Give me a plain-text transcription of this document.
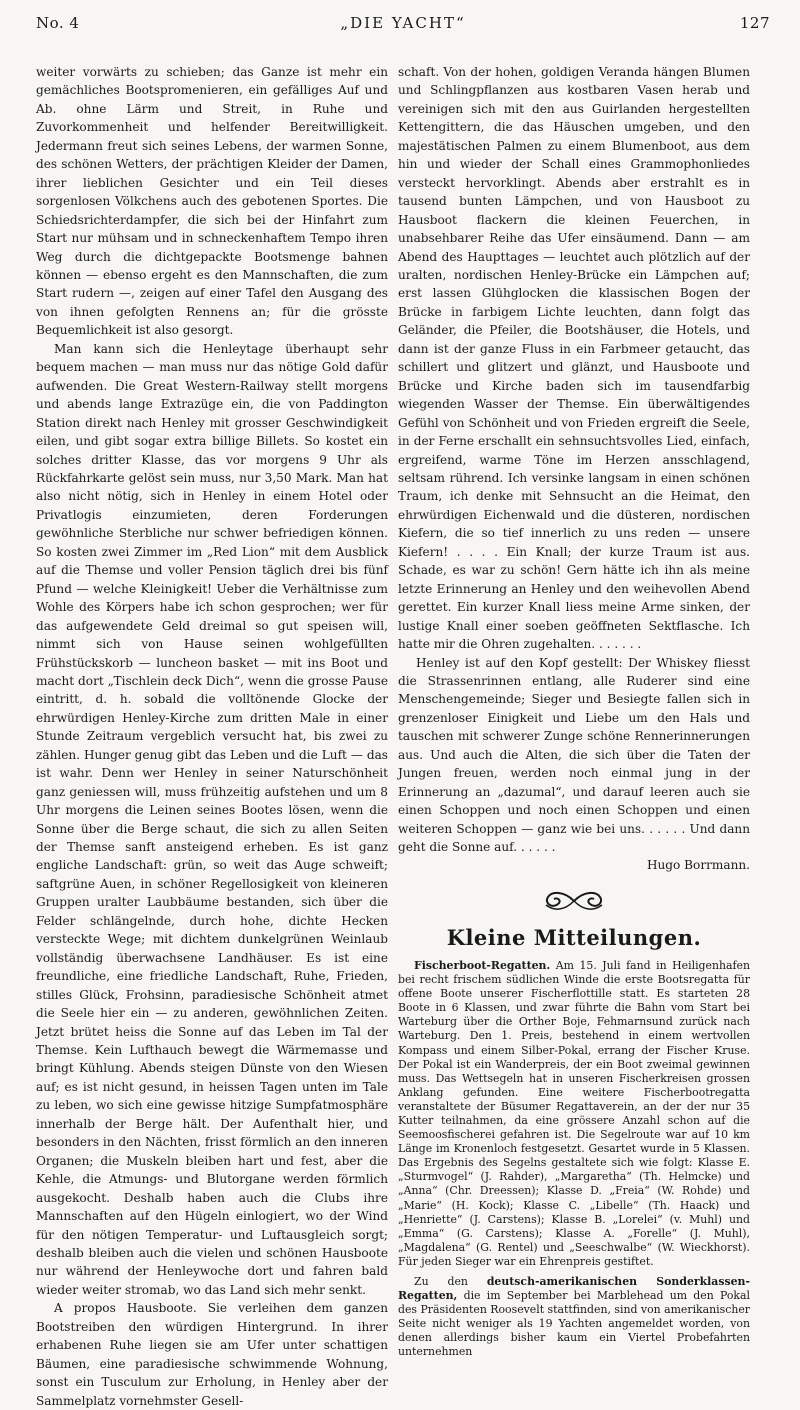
No. 4	„DIE YACHT“	127

weiter vorwärts zu schieben; das Ganze ist mehr ein gemächliches Bootspromenieren, ein gefälliges Auf und Ab. ohne Lärm und Streit, in Ruhe und Zuvorkommenheit und helfender Bereitwilligkeit. Jedermann freut sich seines Lebens, der warmen Sonne, des schönen Wetters, der prächtigen Kleider der Damen, ihrer lieblichen Gesichter und ein Teil dieses sorgenlosen Völkchens auch des gebotenen Sportes. Die Schiedsrichterdampfer, die sich bei der Hinfahrt zum Start nur mühsam und in schneckenhaftem Tempo ihren Weg durch die dichtgepackte Bootsmenge bahnen können — ebenso ergeht es den Mannschaften, die zum Start rudern —, zeigen auf einer Tafel den Ausgang des von ihnen gefolgten Rennens an; für die grösste Bequemlichkeit ist also gesorgt.

Man kann sich die Henleytage überhaupt sehr bequem machen — man muss nur das nötige Gold dafür aufwenden. Die Great Western-Railway stellt morgens und abends lange Extrazüge ein, die von Paddington Station direkt nach Henley mit grosser Geschwindigkeit eilen, und gibt sogar extra billige Billets. So kostet ein solches dritter Klasse, das vor morgens 9 Uhr als Rückfahrkarte gelöst sein muss, nur 3,50 Mark. Man hat also nicht nötig, sich in Henley in einem Hotel oder Privatlogis einzumieten, deren Forderungen gewöhnliche Sterbliche nur schwer befriedigen können. So kosten zwei Zimmer im „Red Lion“ mit dem Ausblick auf die Themse und voller Pension täglich drei bis fünf Pfund — welche Kleinigkeit! Ueber die Verhältnisse zum Wohle des Körpers habe ich schon gesprochen; wer für das aufgewendete Geld dreimal so gut speisen will, nimmt sich von Hause seinen wohlgefüllten Frühstückskorb — luncheon basket — mit ins Boot und macht dort „Tischlein deck Dich“, wenn die grosse Pause eintritt, d. h. sobald die volltönende Glocke der ehrwürdigen Henley-Kirche zum dritten Male in einer Stunde Zeitraum vergeblich versucht hat, bis zwei zu zählen. Hunger genug gibt das Leben und die Luft — das ist wahr. Denn wer Henley in seiner Naturschönheit ganz geniessen will, muss frühzeitig aufstehen und um 8 Uhr morgens die Leinen seines Bootes lösen, wenn die Sonne über die Berge schaut, die sich zu allen Seiten der Themse sanft ansteigend erheben. Es ist ganz engliche Landschaft: grün, so weit das Auge schweift; saftgrüne Auen, in schöner Regellosigkeit von kleineren Gruppen uralter Laubbäume bestanden, sich über die Felder schlängelnde, durch hohe, dichte Hecken versteckte Wege; mit dichtem dunkelgrünen Weinlaub vollständig überwachsene Landhäuser. Es ist eine freundliche, eine friedliche Landschaft, Ruhe, Frieden, stilles Glück, Frohsinn, paradiesische Schönheit atmet die Seele hier ein — zu anderen, gewöhnlichen Zeiten. Jetzt brütet heiss die Sonne auf das Leben im Tal der Themse. Kein Lufthauch bewegt die Wärmemasse und bringt Kühlung. Abends steigen Dünste von den Wiesen auf; es ist nicht gesund, in heissen Tagen unten im Tale zu leben, wo sich eine gewisse hitzige Sumpfatmosphäre innerhalb der Berge hält. Der Aufenthalt hier, und besonders in den Nächten, frisst förmlich an den inneren Organen; die Muskeln bleiben hart und fest, aber die Kehle, die Atmungs- und Blutorgane werden förmlich ausgekocht. Deshalb haben auch die Clubs ihre Mannschaften auf den Hügeln einlogiert, wo der Wind für den nötigen Temperatur- und Luftausgleich sorgt; deshalb bleiben auch die vielen und schönen Hausboote nur während der Henleywoche dort und fahren bald wieder weiter stromab, wo das Land sich mehr senkt.

A propos Hausboote. Sie verleihen dem ganzen Bootstreiben den würdigen Hintergrund. In ihrer erhabenen Ruhe liegen sie am Ufer unter schattigen Bäumen, eine paradiesische schwimmende Wohnung, sonst ein Tusculum zur Erholung, in Henley aber der Sammelplatz vornehmster Gesell-

schaft. Von der hohen, goldigen Veranda hängen Blumen und Schlingpflanzen aus kostbaren Vasen herab und vereinigen sich mit den aus Guirlanden hergestellten Kettengittern, die das Häuschen umgeben, und den majestätischen Palmen zu einem Blumenboot, aus dem hin und wieder der Schall eines Grammophonliedes versteckt hervorklingt. Abends aber erstrahlt es in tausend bunten Lämpchen, und von Hausboot zu Hausboot flackern die kleinen Feuerchen, in unabsehbarer Reihe das Ufer einsäumend. Dann — am Abend des Haupttages — leuchtet auch plötzlich auf der uralten, nordischen Henley-Brücke ein Lämpchen auf; erst lassen Glühglocken die klassischen Bogen der Brücke in farbigem Lichte leuchten, dann folgt das Geländer, die Pfeiler, die Bootshäuser, die Hotels, und dann ist der ganze Fluss in ein Farbmeer getaucht, das schillert und glitzert und glänzt, und Hausboote und Brücke und Kirche baden sich im tausendfarbig wiegenden Wasser der Themse. Ein überwältigendes Gefühl von Schönheit und von Frieden ergreift die Seele, in der Ferne erschallt ein sehnsuchtsvolles Lied, einfach, ergreifend, warme Töne im Herzen ansschlagend, seltsam rührend. Ich versinke langsam in einen schönen Traum, ich denke mit Sehnsucht an die Heimat, den ehrwürdigen Eichenwald und die düsteren, nordischen Kiefern, die so tief innerlich zu uns reden — unsere Kiefern! . . . . Ein Knall; der kurze Traum ist aus. Schade, es war zu schön! Gern hätte ich ihn als meine letzte Erinnerung an Henley und den weihevollen Abend gerettet. Ein kurzer Knall liess meine Arme sinken, der lustige Knall einer soeben geöffneten Sektflasche. Ich hatte mir die Ohren zugehalten. . . . . . .

Henley ist auf den Kopf gestellt: Der Whiskey fliesst die Strassenrinnen entlang, alle Ruderer sind eine Menschengemeinde; Sieger und Besiegte fallen sich in grenzenloser Einigkeit und Liebe um den Hals und tauschen mit schwerer Zunge schöne Rennerinnerungen aus. Und auch die Alten, die sich über die Taten der Jungen freuen, werden noch einmal jung in der Erinnerung an „dazumal“, und darauf leeren auch sie einen Schoppen und noch einen Schoppen und einen weiteren Schoppen — ganz wie bei uns. . . . . . Und dann geht die Sonne auf. . . . . .

Hugo Borrmann.
Kleine Mitteilungen.

Fischerboot-Regatten. Am 15. Juli fand in Heiligenhafen bei recht frischem südlichen Winde die erste Bootsregatta für offene Boote unserer Fischerflottille statt. Es starteten 28 Boote in 6 Klassen, und zwar führte die Bahn vom Start bei Warteburg über die Orther Boje, Fehmarnsund zurück nach Warteburg. Den 1. Preis, bestehend in einem wertvollen Kompass und einem Silber-Pokal, errang der Fischer Kruse. Der Pokal ist ein Wanderpreis, der ein Boot zweimal gewinnen muss. Das Wettsegeln hat in unseren Fischerkreisen grossen Anklang gefunden. Eine weitere Fischerbootregatta veranstaltete der Büsumer Regattaverein, an der der nur 35 Kutter teilnahmen, da eine grössere Anzahl schon auf die Seemoosfischerei gefahren ist. Die Segelroute war auf 10 km Länge im Kronenloch festgesetzt. Gesartet wurde in 5 Klassen. Das Ergebnis des Segelns gestaltete sich wie folgt: Klasse E. „Sturmvogel“ (J. Rahder), „Margaretha“ (Th. Helmcke) und „Anna“ (Chr. Dreessen); Klasse D. „Freia“ (W. Rohde) und „Marie“ (H. Kock); Klasse C. „Libelle“ (Th. Haack) und „Henriette“ (J. Carstens); Klasse B. „Lorelei“ (v. Muhl) und „Emma“ (G. Carstens); Klasse A. „Forelle“ (J. Muhl), „Magdalena“ (G. Rentel) und „Seeschwalbe“ (W. Wieckhorst). Für jeden Sieger war ein Ehrenpreis gestiftet.

Zu den deutsch-amerikanischen Sonderklassen-Regatten, die im September bei Marblehead um den Pokal des Präsidenten Roosevelt stattfinden, sind von amerikanischer Seite nicht weniger als 19 Yachten angemeldet worden, von denen allerdings bisher kaum ein Viertel Probefahrten unternehmen
